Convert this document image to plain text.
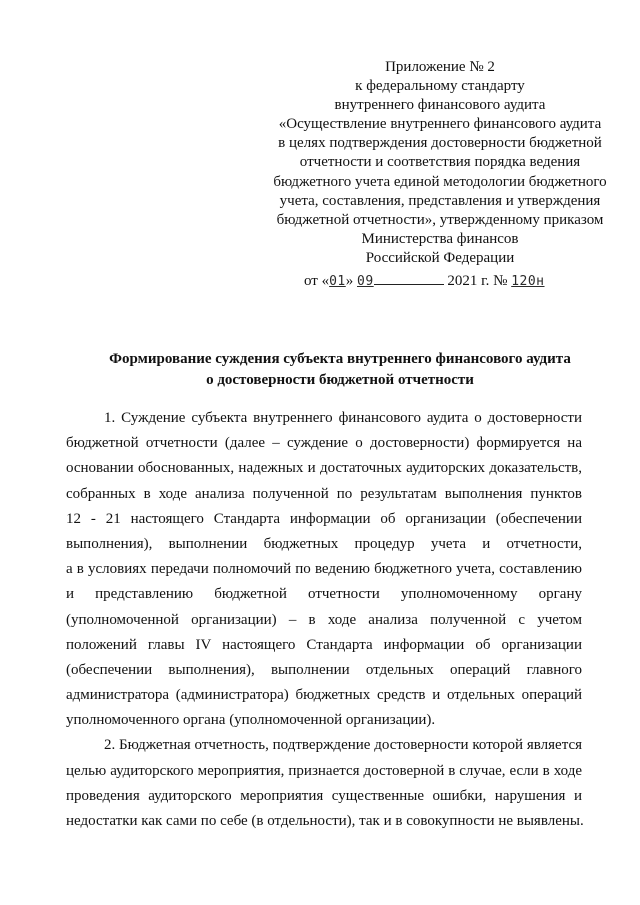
Приложение № 2
к федеральному стандарту
внутреннего финансового аудита
«Осуществление внутреннего финансового аудита
в целях подтверждения достоверности бюджетной
отчетности и соответствия порядка ведения
бюджетного учета единой методологии бюджетного
учета, составления, представления и утверждения
бюджетной отчетности», утвержденному приказом
Министерства финансов
Российской Федерации
от «01» 09	2021 г. № 120н
Формирование суждения субъекта внутреннего финансового аудита
о достоверности бюджетной отчетности
1. Суждение субъекта внутреннего финансового аудита о достоверности
бюджетной отчетности (далее – суждение о достоверности) формируется на
основании обоснованных, надежных и достаточных аудиторских доказательств,
собранных в ходе анализа полученной по результатам выполнения пунктов
12 - 21 настоящего Стандарта информации об организации (обеспечении
выполнения), выполнении бюджетных процедур учета и отчетности,
а в условиях передачи полномочий по ведению бюджетного учета, составлению
и представлению бюджетной отчетности уполномоченному органу
(уполномоченной организации) – в ходе анализа полученной с учетом
положений главы IV настоящего Стандарта информации об организации
(обеспечении выполнения), выполнении отдельных операций главного
администратора (администратора) бюджетных средств и отдельных операций
уполномоченного органа (уполномоченной организации).
2. Бюджетная отчетность, подтверждение достоверности которой является
целью аудиторского мероприятия, признается достоверной в случае, если в ходе
проведения аудиторского мероприятия существенные ошибки, нарушения и
недостатки как сами по себе (в отдельности), так и в совокупности не выявлены.
